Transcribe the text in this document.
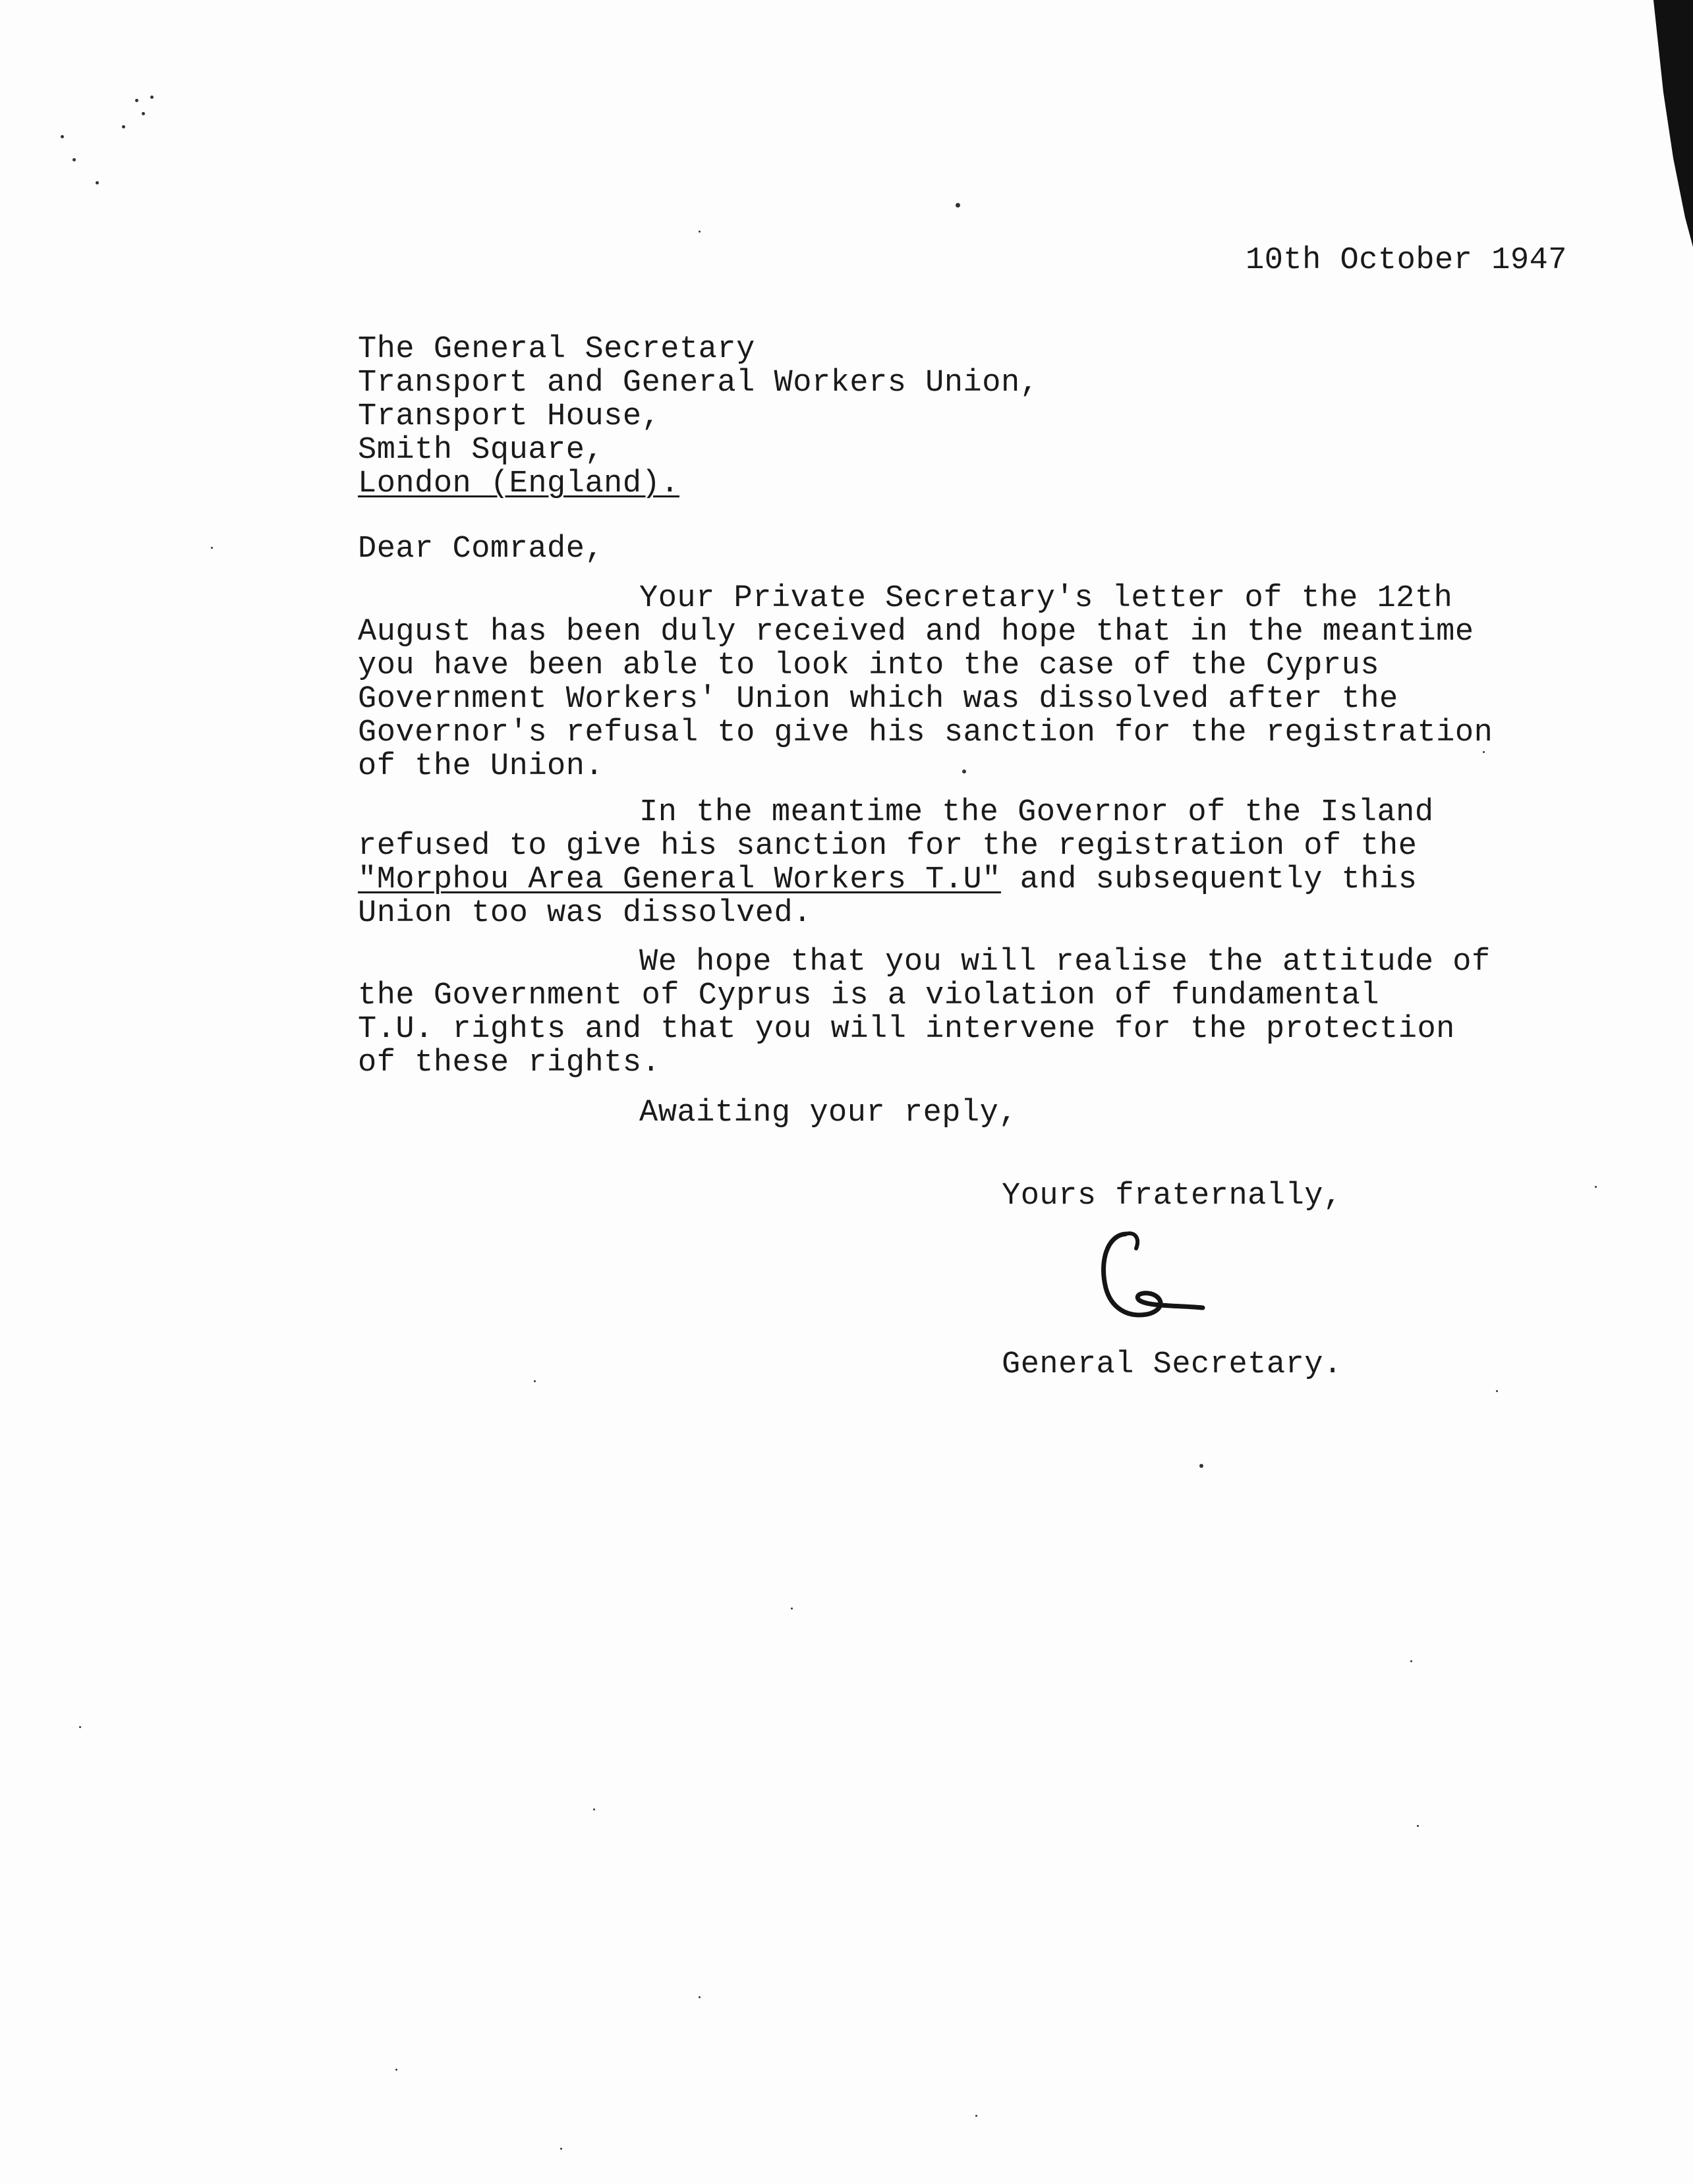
10th October 1947
The General Secretary
Transport and General Workers Union,
Transport House,
Smith Square,
London (England).
Dear Comrade,
Your Private Secretary's letter of the 12th
August has been duly received and hope that in the meantime
you have been able to look into the case of the Cyprus
Government Workers' Union which was dissolved after the
Governor's refusal to give his sanction for the registration
of the Union.
In the meantime the Governor of the Island
refused to give his sanction for the registration of the
"Morphou Area General Workers T.U" and subsequently this
Union too was dissolved.
We hope that you will realise the attitude of
the Government of Cyprus is a violation of fundamental
T.U. rights and that you will intervene for the protection
of these rights.
Awaiting your reply,
Yours fraternally,
General Secretary.
